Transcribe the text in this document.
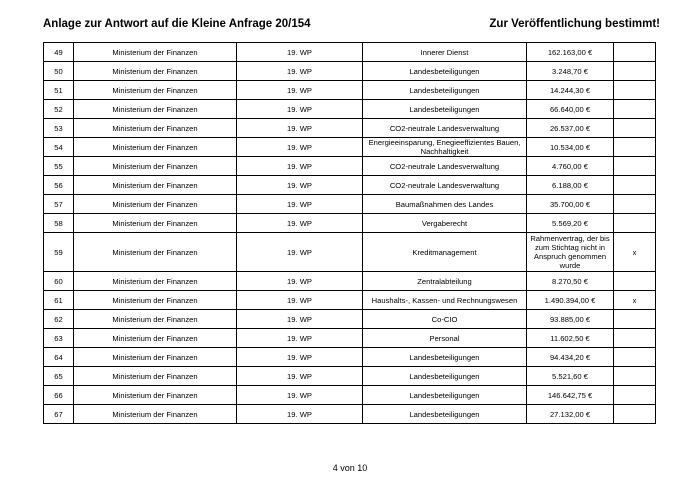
Anlage zur Antwort auf die Kleine Anfrage 20/154	Zur Veröffentlichung bestimmt!
49	Ministerium der Finanzen	19. WP	Innerer Dienst	162.163,00 €	
50	Ministerium der Finanzen	19. WP	Landesbeteiligungen	3.248,70 €	
51	Ministerium der Finanzen	19. WP	Landesbeteiligungen	14.244,30 €	
52	Ministerium der Finanzen	19. WP	Landesbeteiligungen	66.640,00 €	
53	Ministerium der Finanzen	19. WP	CO2-neutrale Landesverwaltung	26.537,00 €	
54	Ministerium der Finanzen	19. WP	Energieeinsparung, Enegieeffizientes Bauen, Nachhaltigkeit	10.534,00 €	
55	Ministerium der Finanzen	19. WP	CO2-neutrale Landesverwaltung	4.760,00 €	
56	Ministerium der Finanzen	19. WP	CO2-neutrale Landesverwaltung	6.188,00 €	
57	Ministerium der Finanzen	19. WP	Baumaßnahmen des Landes	35.700,00 €	
58	Ministerium der Finanzen	19. WP	Vergaberecht	5.569,20 €	
59	Ministerium der Finanzen	19. WP	Kreditmanagement	Rahmenvertrag, der bis zum Stichtag nicht in Anspruch genommen wurde	x
60	Ministerium der Finanzen	19. WP	Zentralabteilung	8.270,50 €	
61	Ministerium der Finanzen	19. WP	Haushalts-, Kassen- und Rechnungswesen	1.490.394,00 €	x
62	Ministerium der Finanzen	19. WP	Co-CIO	93.885,00 €	
63	Ministerium der Finanzen	19. WP	Personal	11.602,50 €	
64	Ministerium der Finanzen	19. WP	Landesbeteiligungen	94.434,20 €	
65	Ministerium der Finanzen	19. WP	Landesbeteiligungen	5.521,60 €	
66	Ministerium der Finanzen	19. WP	Landesbeteiligungen	146.642,75 €	
67	Ministerium der Finanzen	19. WP	Landesbeteiligungen	27.132,00 €	
4 von 10
